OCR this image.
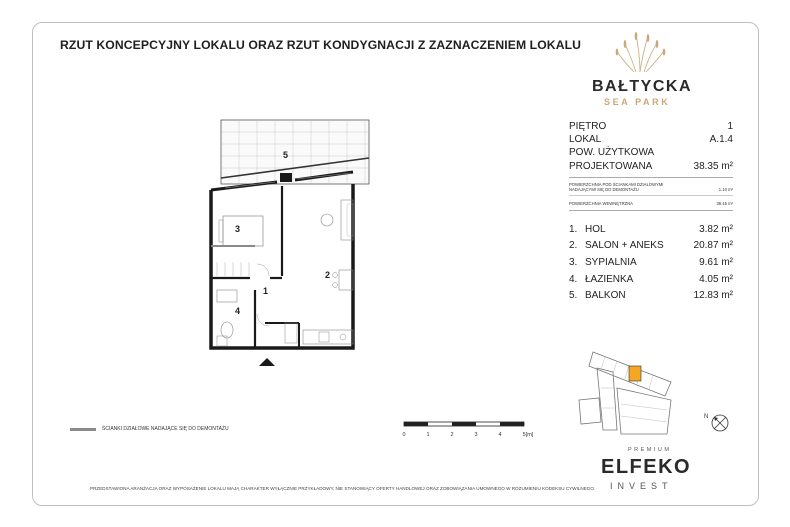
RZUT KONCEPCYJNY LOKALU ORAZ RZUT KONDYGNACJI Z ZAZNACZENIEM LOKALU
5
3
2
1
4
ŚCIANKI DZIAŁOWE NADAJĄCE SIĘ DO DEMONTAŻU
0	1	2	3	4	5[m]
PRZEDSTAWIONA ARANŻACJA ORAZ WYPOSAŻENIE LOKALU MAJĄ CHARAKTER WYŁĄCZNIE PRZYKŁADOWY, NIE STANOWIĄCY OFERTY HANDLOWEJ ORAZ ZOBOWIĄZANIA UMOWNEGO W ROZUMIENIU KODEKSU CYWILNEGO.
BAŁTYCKA
SEA PARK
PIĘTRO	1
LOKAL	A.1.4
POW. UŻYTKOWA
PROJEKTOWANA	38.35 m²
POWIERZCHNIA POD ŚCIANKAMI DZIAŁOWYMI
NADAJĄCYMI SIĘ DO DEMONTAŻU	1.10 m²
POWIERZCHNIA WEWNĘTRZNA	39.45 m²
1. HOL	3.82 m²
2. SALON + ANEKS	20.87 m²
3. SYPIALNIA	9.61 m²
4. ŁAZIENKA	4.05 m²
5. BALKON	12.83 m²
N
PREMIUM
ELFEKO
INVEST
